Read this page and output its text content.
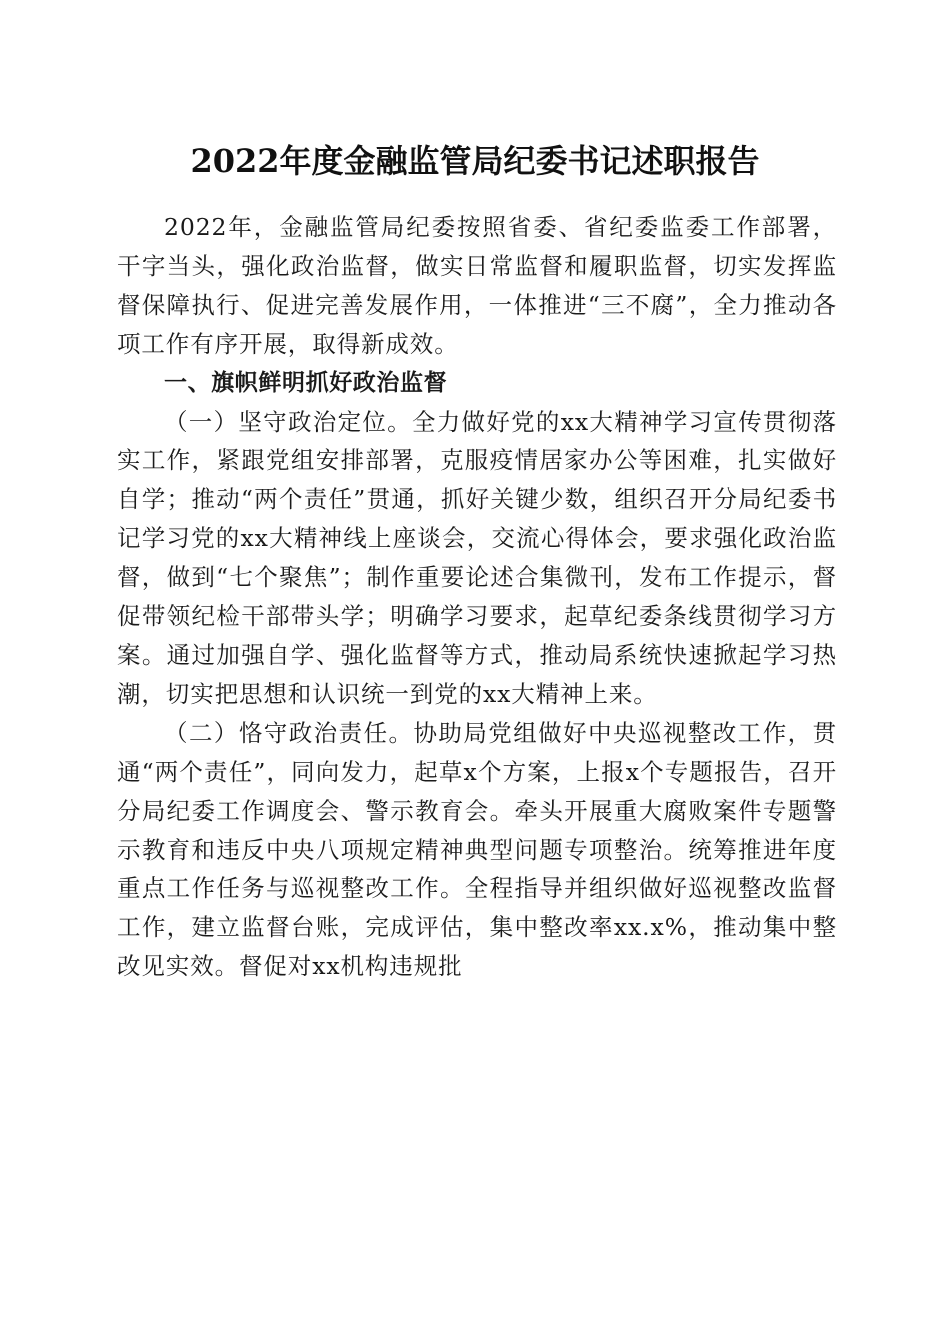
2022年度金融监管局纪委书记述职报告

2022年，金融监管局纪委按照省委、省纪委监委工作部署，干字当头，强化政治监督，做实日常监督和履职监督，切实发挥监督保障执行、促进完善发展作用，一体推进“三不腐”，全力推动各项工作有序开展，取得新成效。

一、旗帜鲜明抓好政治监督

（一）坚守政治定位。全力做好党的xx大精神学习宣传贯彻落实工作，紧跟党组安排部署，克服疫情居家办公等困难，扎实做好自学；推动“两个责任”贯通，抓好关键少数，组织召开分局纪委书记学习党的xx大精神线上座谈会，交流心得体会，要求强化政治监督，做到“七个聚焦”；制作重要论述合集微刊，发布工作提示，督促带领纪检干部带头学；明确学习要求，起草纪委条线贯彻学习方案。通过加强自学、强化监督等方式，推动局系统快速掀起学习热潮，切实把思想和认识统一到党的xx大精神上来。

（二）恪守政治责任。协助局党组做好中央巡视整改工作，贯通“两个责任”，同向发力，起草x个方案，上报x个专题报告，召开分局纪委工作调度会、警示教育会。牵头开展重大腐败案件专题警示教育和违反中央八项规定精神典型问题专项整治。统筹推进年度重点工作任务与巡视整改工作。全程指导并组织做好巡视整改监督工作，建立监督台账，完成评估，集中整改率xx.x%，推动集中整改见实效。督促对xx机构违规批
